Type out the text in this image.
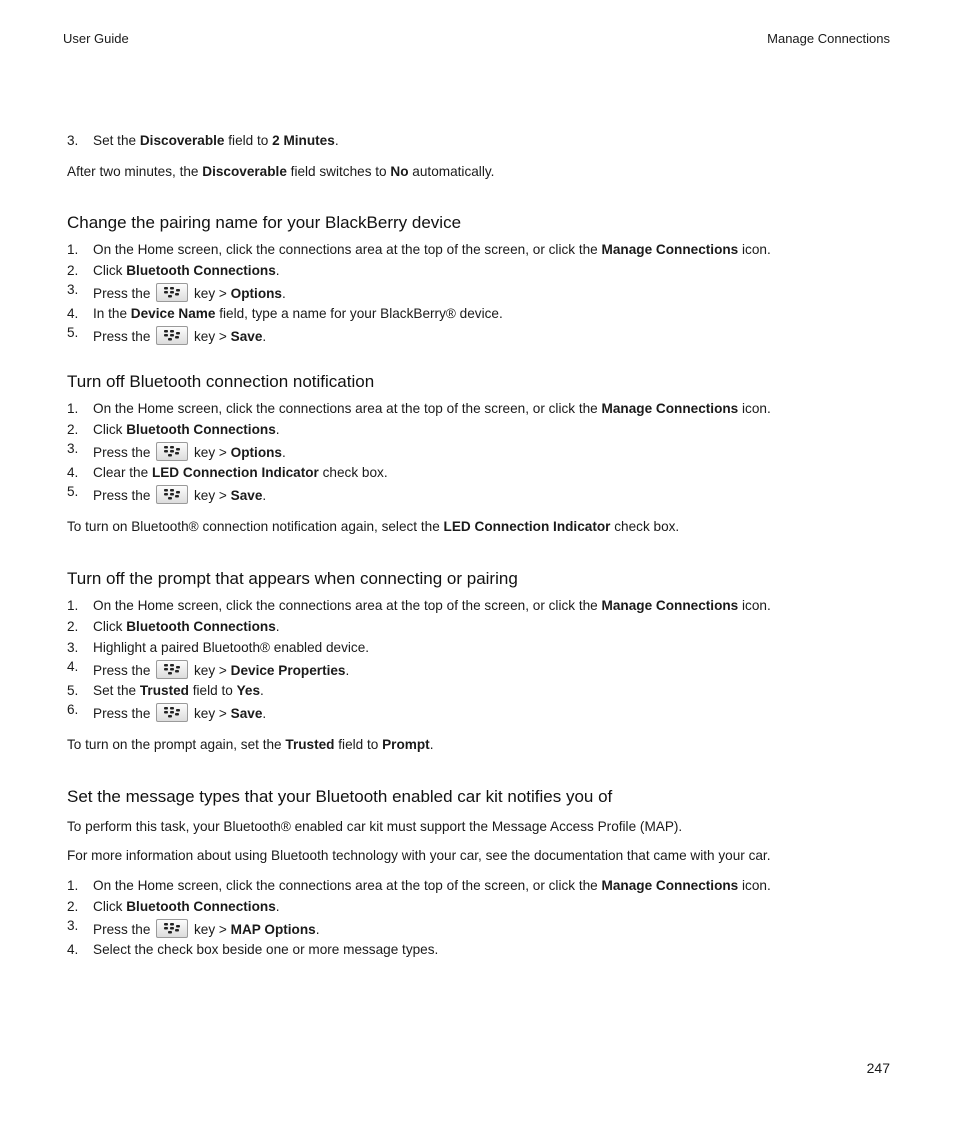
User Guide	Manage Connections
3. Set the Discoverable field to 2 Minutes.

After two minutes, the Discoverable field switches to No automatically.

Change the pairing name for your BlackBerry device
1. On the Home screen, click the connections area at the top of the screen, or click the Manage Connections icon.
2. Click Bluetooth Connections.
3. Press the	key > Options.
4. In the Device Name field, type a name for your BlackBerry® device.
5. Press the	key > Save.
Turn off Bluetooth connection notification
1. On the Home screen, click the connections area at the top of the screen, or click the Manage Connections icon.
2. Click Bluetooth Connections.
3. Press the	key > Options.
4. Clear the LED Connection Indicator check box.
5. Press the	key > Save.

To turn on Bluetooth® connection notification again, select the LED Connection Indicator check box.

Turn off the prompt that appears when connecting or pairing
1. On the Home screen, click the connections area at the top of the screen, or click the Manage Connections icon.
2. Click Bluetooth Connections.
3. Highlight a paired Bluetooth® enabled device.
4. Press the	key > Device Properties.
5. Set the Trusted field to Yes.
6. Press the	key > Save.

To turn on the prompt again, set the Trusted field to Prompt.

Set the message types that your Bluetooth enabled car kit notifies you of

To perform this task, your Bluetooth® enabled car kit must support the Message Access Profile (MAP).

For more information about using Bluetooth technology with your car, see the documentation that came with your car.

1. On the Home screen, click the connections area at the top of the screen, or click the Manage Connections icon.
2. Click Bluetooth Connections.
3. Press the	key > MAP Options.
4. Select the check box beside one or more message types.
247
